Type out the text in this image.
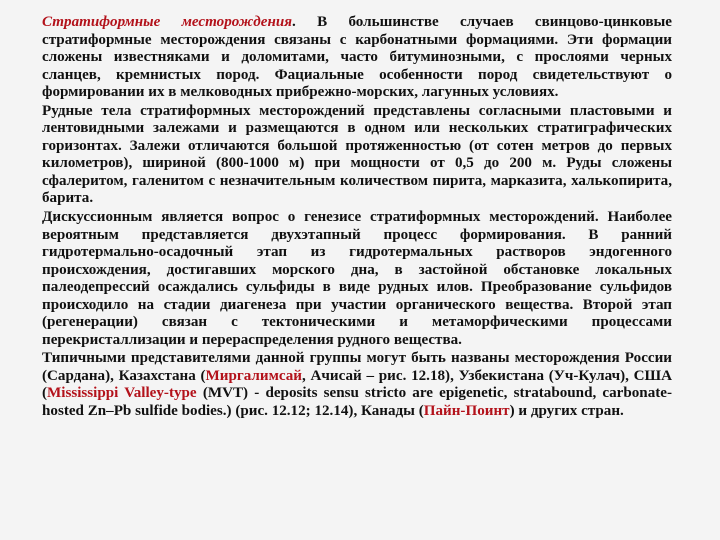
Стратиформные месторождения. В большинстве случаев свинцово-цинковые стратиформные месторождения связаны с карбонатными формациями. Эти формации сложены известняками и доломитами, часто битуминозными, с прослоями черных сланцев, кремнистых пород. Фациальные особенности пород свидетельствуют о формировании их в мелководных прибрежно-морских, лагунных условиях.

Рудные тела стратиформных месторождений представлены согласными пластовыми и лентовидными залежами и размещаются в одном или нескольких стратиграфических горизонтах. Залежи отличаются большой протяженностью (от сотен метров до первых километров), шириной (800-1000 м) при мощности от 0,5 до 200 м. Руды сложены сфалеритом, галенитом с незначительным количеством пирита, марказита, халькопирита, барита.

Дискуссионным является вопрос о генезисе стратиформных месторождений. Наиболее вероятным представляется двухэтапный процесс формирования. В ранний гидротермально-осадочный этап из гидротермальных растворов эндогенного происхождения, достигавших морского дна, в застойной обстановке локальных палеодепрессий осаждались сульфиды в виде рудных илов. Преобразование сульфидов происходило на стадии диагенеза при участии органического вещества. Второй этап (регенерации) связан с тектоническими и метаморфическими процессами перекристаллизации и перераспределения рудного вещества.

Типичными представителями данной группы могут быть названы месторождения России (Сардана), Казахстана (Миргалимсай, Ачисай – рис. 12.18), Узбекистана (Уч-Кулач), США (Mississippi Valley-type (MVT) - deposits sensu stricto are epigenetic, stratabound, carbonate-hosted Zn–Pb sulfide bodies.) (рис. 12.12; 12.14), Канады (Пайн-Поинт) и других стран.
